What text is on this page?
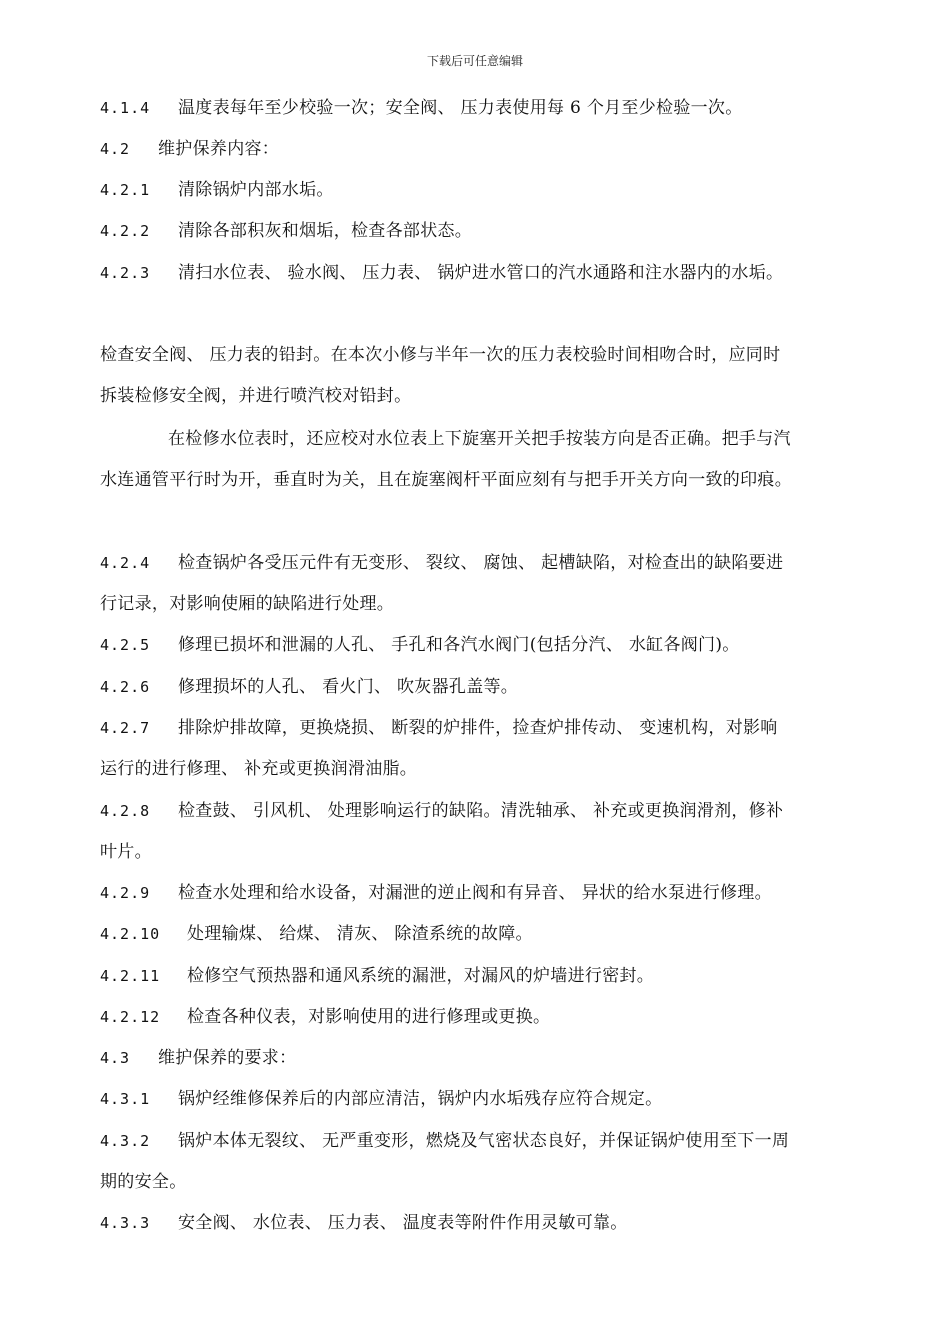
下载后可任意编辑
4.1.4 温度表每年至少校验一次；安全阀、 压力表使用每 6 个月至少检验一次。
4.2 维护保养内容：
4.2.1 清除锅炉内部水垢。
4.2.2 清除各部积灰和烟垢，检查各部状态。
4.2.3 清扫水位表、 验水阀、 压力表、 锅炉进水管口的汽水通路和注水器内的水垢。
检查安全阀、 压力表的铅封。在本次小修与半年一次的压力表校验时间相吻合时，应同时
拆装检修安全阀，并进行喷汽校对铅封。
在检修水位表时，还应校对水位表上下旋塞开关把手按装方向是否正确。把手与汽
水连通管平行时为开，垂直时为关，且在旋塞阀杆平面应刻有与把手开关方向一致的印痕。
4.2.4 检查锅炉各受压元件有无变形、 裂纹、 腐蚀、 起槽缺陷，对检查出的缺陷要进
行记录，对影响使厢的缺陷进行处理。
4.2.5 修理已损坏和泄漏的人孔、 手孔和各汽水阀门(包括分汽、 水缸各阀门)。
4.2.6 修理损坏的人孔、 看火门、 吹灰器孔盖等。
4.2.7 排除炉排故障，更换烧损、 断裂的炉排件，捡查炉排传动、 变速机构，对影响
运行的进行修理、 补充或更换润滑油脂。
4.2.8 检查鼓、 引风机、 处理影响运行的缺陷。清洗轴承、 补充或更换润滑剂，修补
叶片。
4.2.9 检查水处理和给水设备，对漏泄的逆止阀和有异音、 异状的给水泵进行修理。
4.2.10 处理输煤、 给煤、 清灰、 除渣系统的故障。
4.2.11 检修空气预热器和通风系统的漏泄，对漏风的炉墙进行密封。
4.2.12 检查各种仪表，对影响使用的进行修理或更换。
4.3 维护保养的要求：
4.3.1 锅炉经维修保养后的内部应清洁，锅炉内水垢残存应符合规定。
4.3.2 锅炉本体无裂纹、 无严重变形，燃烧及气密状态良好，并保证锅炉使用至下一周
期的安全。
4.3.3 安全阀、 水位表、 压力表、 温度表等附件作用灵敏可靠。
